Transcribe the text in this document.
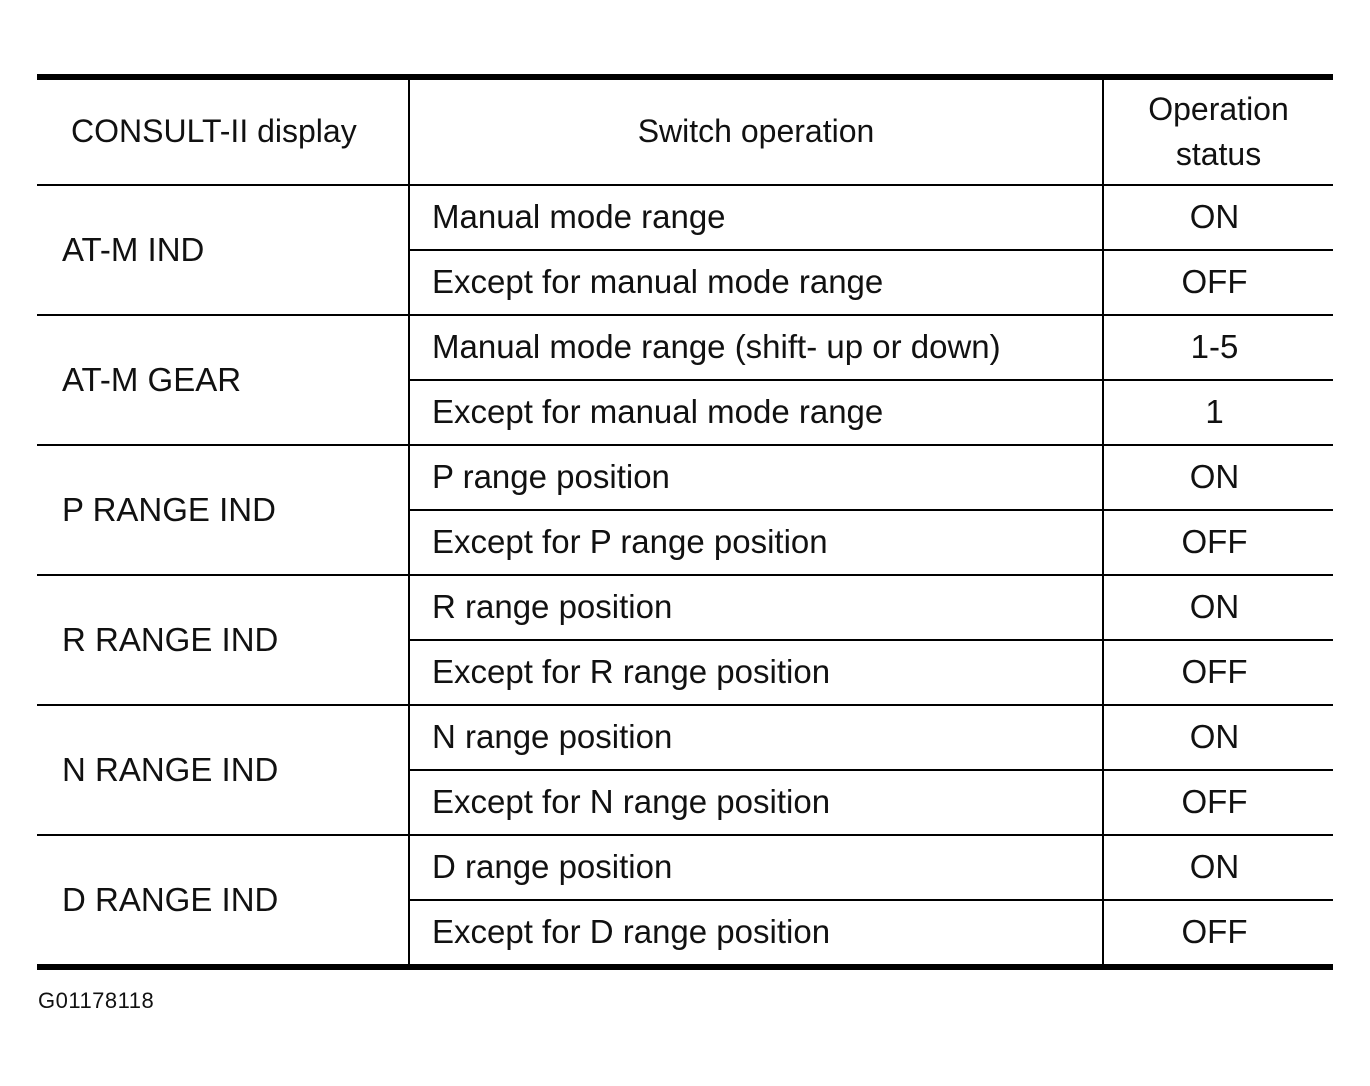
CONSULT-II display	Switch operation	Operation
status
AT-M IND	Manual mode range	ON
	Except for manual mode range	OFF
AT-M GEAR	Manual mode range (shift- up or down)	1-5
	Except for manual mode range	1
P RANGE IND	P range position	ON
	Except for P range position	OFF
R RANGE IND	R range position	ON
	Except for R range position	OFF
N RANGE IND	N range position	ON
	Except for N range position	OFF
D RANGE IND	D range position	ON
	Except for D range position	OFF
G01178118
